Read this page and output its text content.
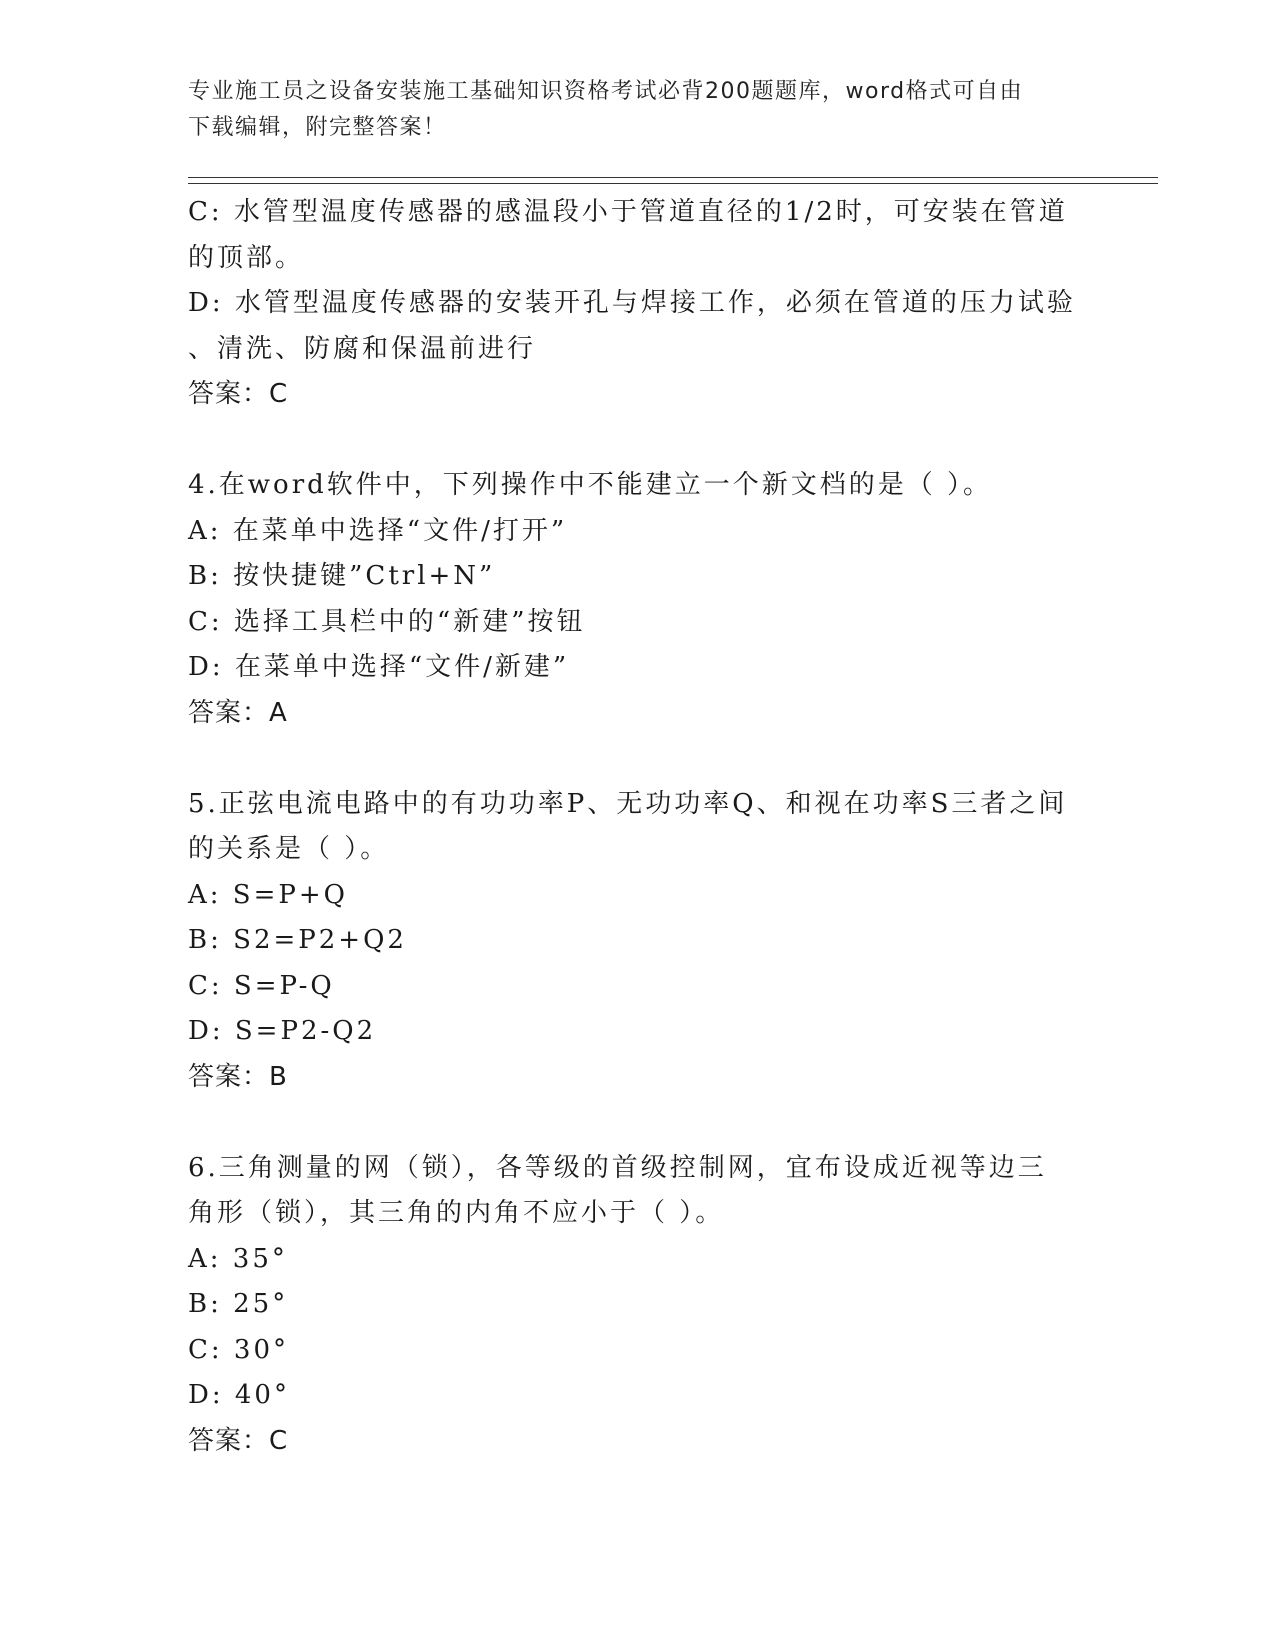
专业施工员之设备安装施工基础知识资格考试必背200题题库，word格式可自由
下载编辑，附完整答案！

C: 水管型温度传感器的感温段小于管道直径的1/2时，可安装在管道

的顶部。

D: 水管型温度传感器的安装开孔与焊接工作，必须在管道的压力试验

、清洗、防腐和保温前进行

答案：C

4.在word软件中，下列操作中不能建立一个新文档的是（ ）。

A: 在菜单中选择“文件/打开”

B: 按快捷键”Ctrl+N”

C: 选择工具栏中的“新建”按钮

D: 在菜单中选择“文件/新建”

答案：A

5.正弦电流电路中的有功功率P、无功功率Q、和视在功率S三者之间

的关系是（ ）。

A: S=P+Q

B: S2=P2+Q2

C: S=P-Q

D: S=P2-Q2

答案：B

6.三角测量的网（锁），各等级的首级控制网，宜布设成近视等边三

角形（锁），其三角的内角不应小于（ ）。

A: 35°

B: 25°

C: 30°

D: 40°

答案：C
